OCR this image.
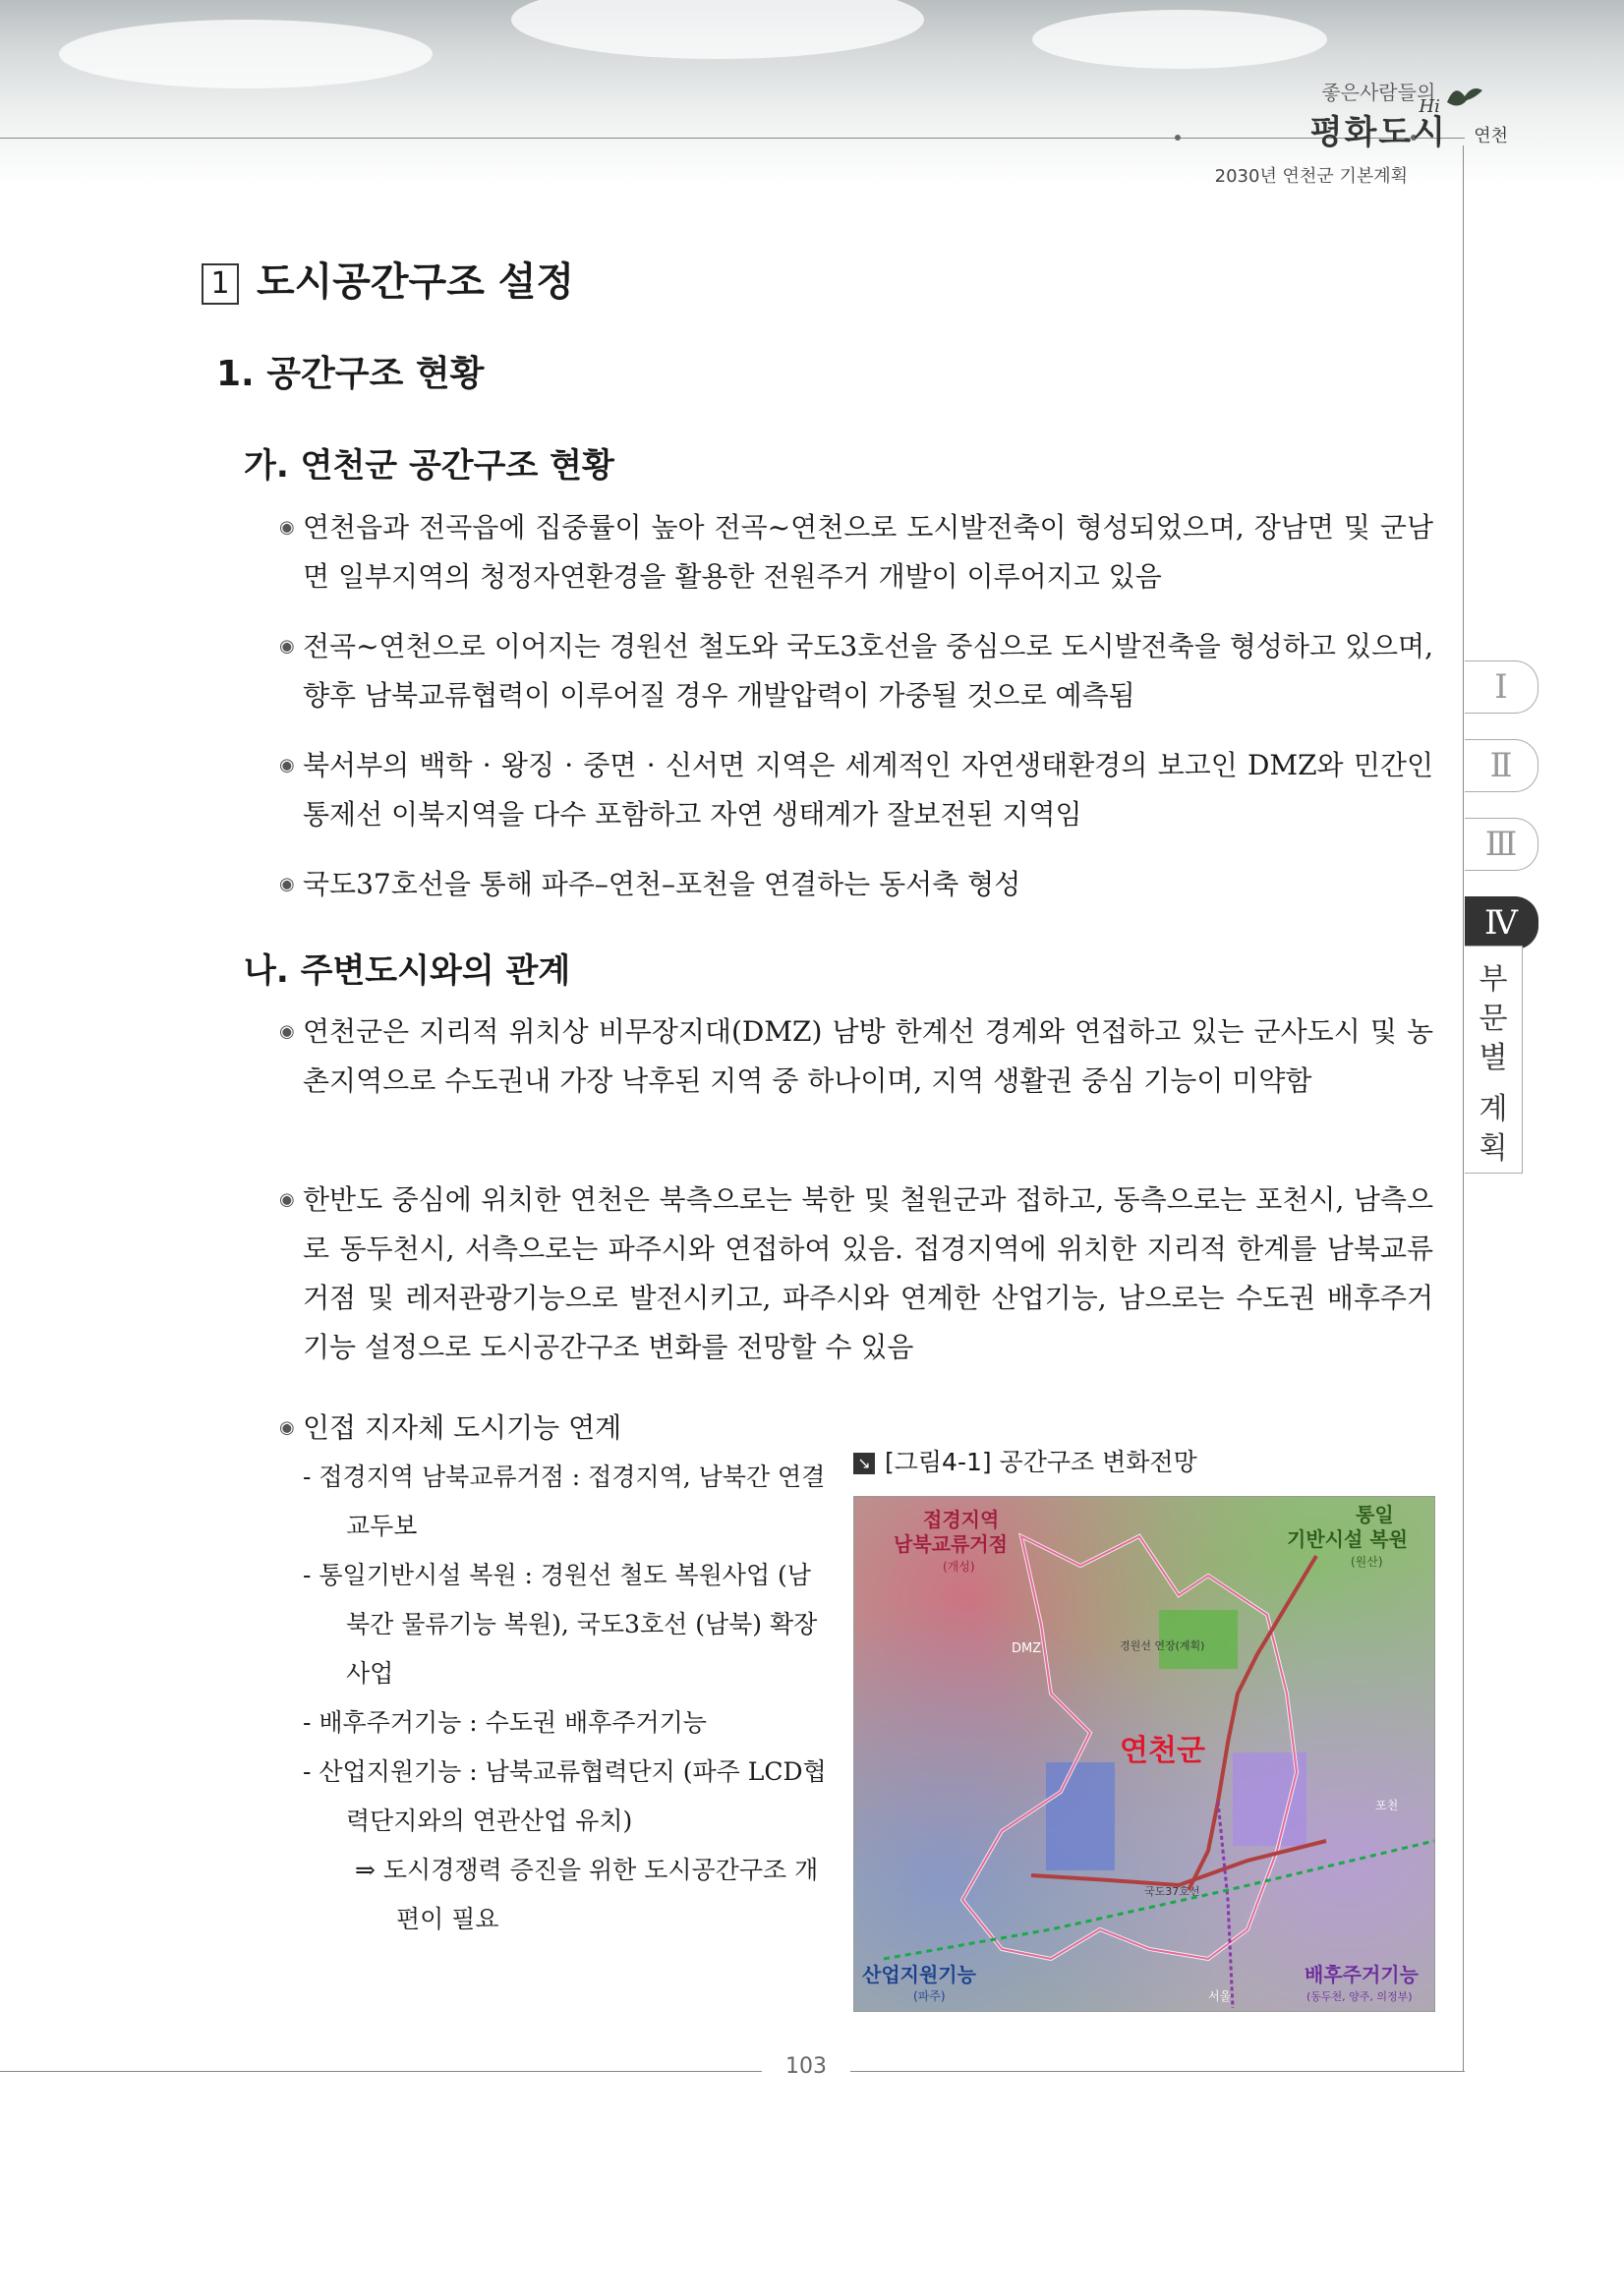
좋은사람들의
평화도시
Hi
연천
2030년 연천군 기본계획
103
Ⅰ
Ⅱ
Ⅲ
Ⅳ
부
문
별
계
획
1 도시공간구조 설정
1. 공간구조 현황
가. 연천군 공간구조 현황
◉ 연천읍과 전곡읍에 집중률이 높아 전곡~연천으로 도시발전축이 형성되었으며, 장남면 및 군남면 일부지역의 청정자연환경을 활용한 전원주거 개발이 이루어지고 있음

◉ 전곡~연천으로 이어지는 경원선 철도와 국도3호선을 중심으로 도시발전축을 형성하고 있으며, 향후 남북교류협력이 이루어질 경우 개발압력이 가중될 것으로 예측됨

◉ 북서부의 백학 · 왕징 · 중면 · 신서면 지역은 세계적인 자연생태환경의 보고인 DMZ와 민간인 통제선 이북지역을 다수 포함하고 자연 생태계가 잘보전된 지역임

◉ 국도37호선을 통해 파주–연천–포천을 연결하는 동서축 형성

나. 주변도시와의 관계
◉ 연천군은 지리적 위치상 비무장지대(DMZ) 남방 한계선 경계와 연접하고 있는 군사도시 및 농촌지역으로 수도권내 가장 낙후된 지역 중 하나이며, 지역 생활권 중심 기능이 미약함

◉ 한반도 중심에 위치한 연천은 북측으로는 북한 및 철원군과 접하고, 동측으로는 포천시, 남측으로 동두천시, 서측으로는 파주시와 연접하여 있음. 접경지역에 위치한 지리적 한계를 남북교류거점 및 레저관광기능으로 발전시키고, 파주시와 연계한 산업기능, 남으로는 수도권 배후주거기능 설정으로 도시공간구조 변화를 전망할 수 있음

◉ 인접 지자체 도시기능 연계

- 접경지역 남북교류거점 : 접경지역, 남북간 연결 교두보
- 통일기반시설 복원 : 경원선 철도 복원사업 (남북간 물류기능 복원), 국도3호선 (남북) 확장사업
- 배후주거기능 : 수도권 배후주거기능
- 산업지원기능 : 남북교류협력단지 (파주 LCD협력단지와의 연관산업 유치)
⇒ 도시경쟁력 증진을 위한 도시공간구조 개편이 필요
↘ [그림4-1] 공간구조 변화전망
접경지역
남북교류거점
(개성)
통일
기반시설 복원
(원산)
DMZ	경원선 연장(계획)
연천군
포천
국도37호선
산업지원기능
(파주)	서울
배후주거기능
(동두천, 양주, 의정부)
